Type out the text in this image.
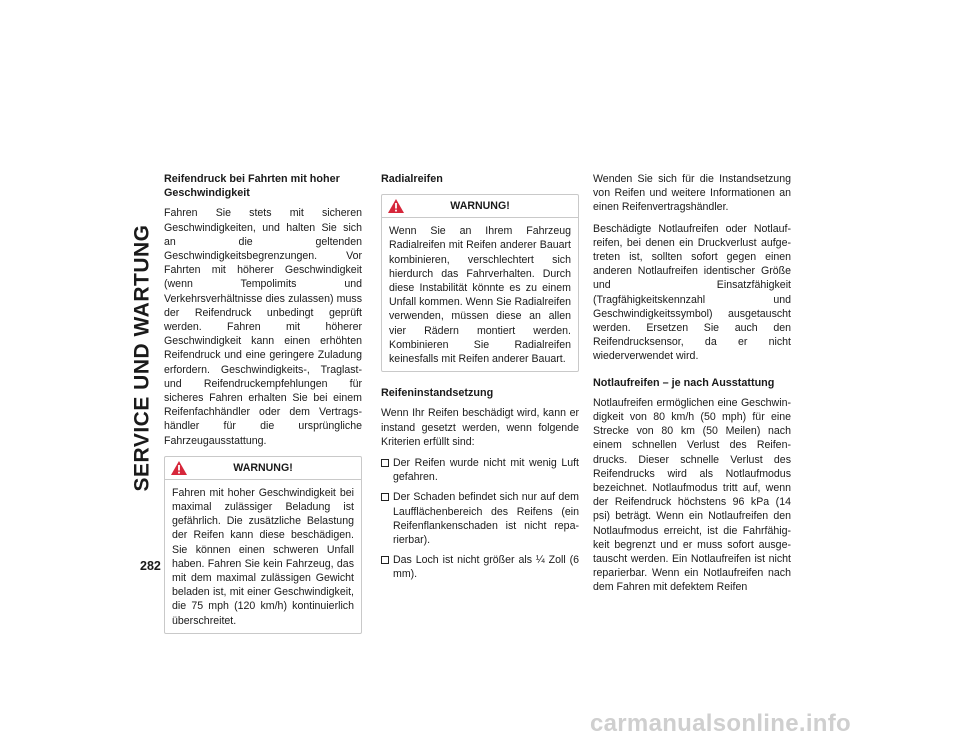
SERVICE UND WARTUNG
282
Reifendruck bei Fahrten mit hoher Geschwindigkeit

Fahren Sie stets mit sicheren Geschwindigkeiten, und halten Sie sich an die geltenden Geschwindigkeitsbegrenzungen. Vor Fahrten mit höherer Geschwindigkeit (wenn Tempolimits und Verkehrsverhältnisse dies zulassen) muss der Reifendruck unbedingt geprüft werden. Fahren mit höherer Geschwindigkeit kann einen erhöhten Reifendruck und eine geringere Zuladung erfordern. Geschwindigkeits-, Traglast- und Reifendruckempfehlungen für sicheres Fahren erhalten Sie bei einem Reifenfachhändler oder dem Vertragshändler für die ursprüngliche Fahrzeugausstattung.

WARNUNG!

Fahren mit hoher Geschwindigkeit bei maximal zulässiger Beladung ist gefährlich. Die zusätzliche Belastung der Reifen kann diese beschädigen. Sie können einen schweren Unfall haben. Fahren Sie kein Fahrzeug, das mit dem maximal zulässigen Gewicht beladen ist, mit einer Geschwindigkeit, die 75 mph (120 km/h) kontinuierlich überschreitet.

Radialreifen
WARNUNG!

Wenn Sie an Ihrem Fahrzeug Radialreifen mit Reifen anderer Bauart kombinieren, verschlechtert sich hierdurch das Fahrverhalten. Durch diese Instabilität könnte es zu einem Unfall kommen. Wenn Sie Radialreifen verwenden, müssen diese an allen vier Rädern montiert werden. Kombinieren Sie Radialreifen keinesfalls mit Reifen anderer Bauart.

Reifeninstandsetzung

Wenn Ihr Reifen beschädigt wird, kann er instand gesetzt werden, wenn folgende Kriterien erfüllt sind:

Der Reifen wurde nicht mit wenig Luft gefahren.
Der Schaden befindet sich nur auf dem Laufflächenbereich des Reifens (ein Reifenflankenschaden ist nicht reparierbar).
Das Loch ist nicht größer als ¼ Zoll (6 mm).

Wenden Sie sich für die Instandsetzung von Reifen und weitere Informationen an einen Reifenvertragshändler.

Beschädigte Notlaufreifen oder Notlaufreifen, bei denen ein Druckverlust aufgetreten ist, sollten sofort gegen einen anderen Notlaufreifen identischer Größe und Einsatzfähigkeit (Tragfähigkeitskennzahl und Geschwindigkeitssymbol) ausgetauscht werden. Ersetzen Sie auch den Reifendrucksensor, da er nicht wiederverwendet wird.

Notlaufreifen – je nach Ausstattung

Notlaufreifen ermöglichen eine Geschwindigkeit von 80 km/h (50 mph) für eine Strecke von 80 km (50 Meilen) nach einem schnellen Verlust des Reifendrucks. Dieser schnelle Verlust des Reifendrucks wird als Notlaufmodus bezeichnet. Notlaufmodus tritt auf, wenn der Reifendruck höchstens 96 kPa (14 psi) beträgt. Wenn ein Notlaufreifen den Notlaufmodus erreicht, ist die Fahrfähigkeit begrenzt und er muss sofort ausgetauscht werden. Ein Notlaufreifen ist nicht reparierbar. Wenn ein Notlaufreifen nach dem Fahren mit defektem Reifen

carmanualsonline.info
